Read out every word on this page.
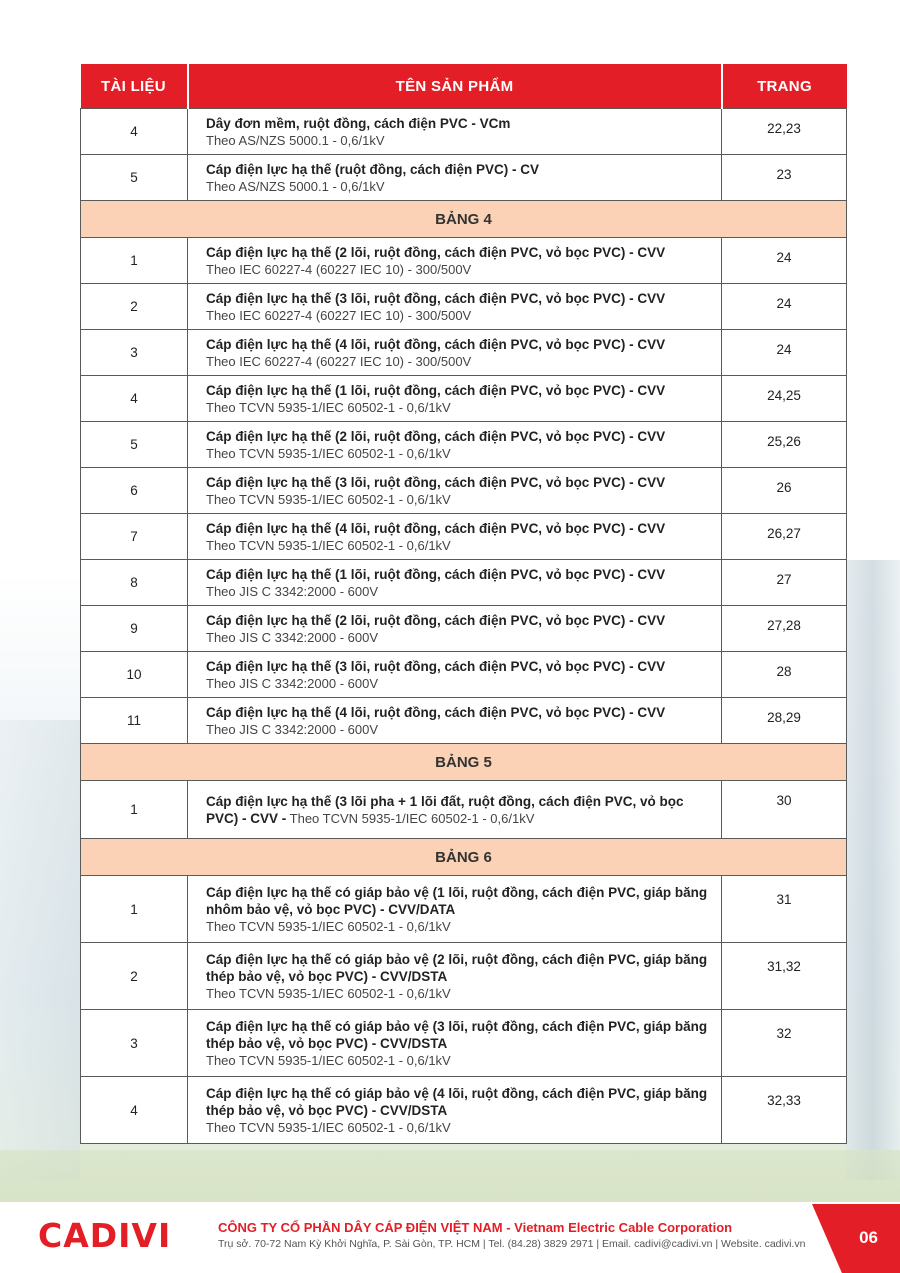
TÀI LIỆU	TÊN SẢN PHẨM	TRANG
4	Dây đơn mềm, ruột đồng, cách điện PVC - VCm
Theo AS/NZS 5000.1 - 0,6/1kV	22,23
5	Cáp điện lực hạ thế (ruột đồng, cách điện PVC) - CV
Theo AS/NZS 5000.1 - 0,6/1kV	23
BẢNG 4		
1	Cáp điện lực hạ thế (2 lõi, ruột đồng, cách điện PVC, vỏ bọc PVC) - CVV
Theo IEC 60227-4 (60227 IEC 10) - 300/500V	24
2	Cáp điện lực hạ thế (3 lõi, ruột đồng, cách điện PVC, vỏ bọc PVC) - CVV
Theo IEC 60227-4 (60227 IEC 10) - 300/500V	24
3	Cáp điện lực hạ thế (4 lõi, ruột đồng, cách điện PVC, vỏ bọc PVC) - CVV
Theo IEC 60227-4 (60227 IEC 10) - 300/500V	24
4	Cáp điện lực hạ thế (1 lõi, ruột đồng, cách điện PVC, vỏ bọc PVC) - CVV
Theo TCVN 5935-1/IEC 60502-1 - 0,6/1kV	24,25
5	Cáp điện lực hạ thế (2 lõi, ruột đồng, cách điện PVC, vỏ bọc PVC) - CVV
Theo TCVN 5935-1/IEC 60502-1 - 0,6/1kV	25,26
6	Cáp điện lực hạ thế (3 lõi, ruột đồng, cách điện PVC, vỏ bọc PVC) - CVV
Theo TCVN 5935-1/IEC 60502-1 - 0,6/1kV	26
7	Cáp điện lực hạ thế (4 lõi, ruột đồng, cách điện PVC, vỏ bọc PVC) - CVV
Theo TCVN 5935-1/IEC 60502-1 - 0,6/1kV	26,27
8	Cáp điện lực hạ thế (1 lõi, ruột đồng, cách điện PVC, vỏ bọc PVC) - CVV
Theo JIS C 3342:2000 - 600V	27
9	Cáp điện lực hạ thế (2 lõi, ruột đồng, cách điện PVC, vỏ bọc PVC) - CVV
Theo JIS C 3342:2000 - 600V	27,28
10	Cáp điện lực hạ thế (3 lõi, ruột đồng, cách điện PVC, vỏ bọc PVC) - CVV
Theo JIS C 3342:2000 - 600V	28
11	Cáp điện lực hạ thế (4 lõi, ruột đồng, cách điện PVC, vỏ bọc PVC) - CVV
Theo JIS C 3342:2000 - 600V	28,29
BẢNG 5		
1	Cáp điện lực hạ thế (3 lõi pha + 1 lõi đất, ruột đồng, cách điện PVC, vỏ bọc PVC) - CVV - Theo TCVN 5935-1/IEC 60502-1 - 0,6/1kV	30
BẢNG 6		
1	Cáp điện lực hạ thế có giáp bảo vệ (1 lõi, ruột đồng, cách điện PVC, giáp băng nhôm bảo vệ, vỏ bọc PVC) - CVV/DATA
Theo TCVN 5935-1/IEC 60502-1 - 0,6/1kV	31
2	Cáp điện lực hạ thế có giáp bảo vệ (2 lõi, ruột đồng, cách điện PVC, giáp băng thép bảo vệ, vỏ bọc PVC) - CVV/DSTA
Theo TCVN 5935-1/IEC 60502-1 - 0,6/1kV	31,32
3	Cáp điện lực hạ thế có giáp bảo vệ (3 lõi, ruột đồng, cách điện PVC, giáp băng thép bảo vệ, vỏ bọc PVC) - CVV/DSTA
Theo TCVN 5935-1/IEC 60502-1 - 0,6/1kV	32
4	Cáp điện lực hạ thế có giáp bảo vệ (4 lõi, ruột đồng, cách điện PVC, giáp băng thép bảo vệ, vỏ bọc PVC) - CVV/DSTA
Theo TCVN 5935-1/IEC 60502-1 - 0,6/1kV	32,33
CADIVI	CÔNG TY CỔ PHẦN DÂY CÁP ĐIỆN VIỆT NAM - Vietnam Electric Cable Corporation
Trụ sở. 70-72 Nam Kỳ Khởi Nghĩa, P. Sài Gòn, TP. HCM | Tel. (84.28) 3829 2971 | Email. cadivi@cadivi.vn | Website. cadivi.vn	06
